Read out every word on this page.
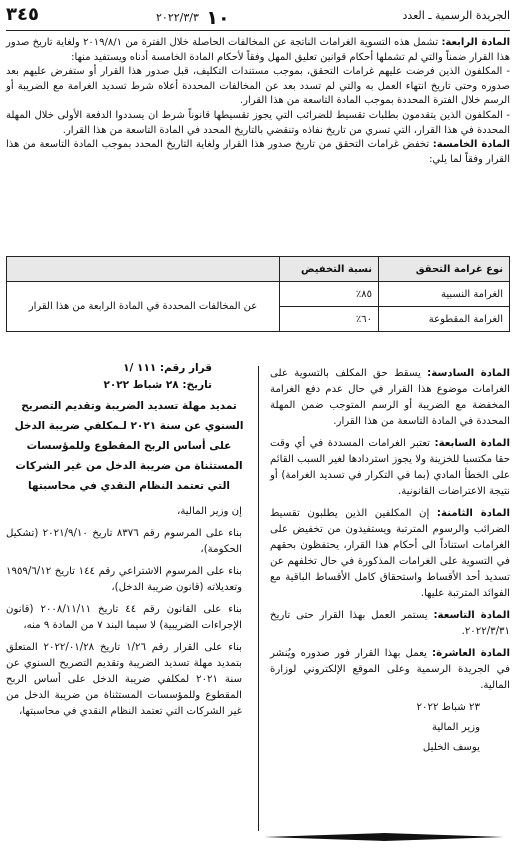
الجريدة الرسمية ـ العدد
١٠ ٢٠٢٢/٣/٣
٣٤٥

المادة الرابعة: تشمل هذه التسوية الغرامات الناتجة عن المخالفات الحاصلة خلال الفترة من ٢٠١٩/٨/١ ولغاية تاريخ صدور هذا القرار ضمناً والتي لم تشملها أحكام قوانين تعليق المهل وفقاً لأحكام المادة الخامسة أدناه ويستفيد منها:

- المكلفون الذين فرضت عليهم غرامات التحقق، بموجب مستندات التكليف، قبل صدور هذا القرار أو ستفرض عليهم بعد صدوره وحتى تاريخ انتهاء العمل به والتي لم تسدد بعد عن المخالفات المحددة أعلاه شرط تسديد الغرامة مع الضريبة أو الرسم خلال الفترة المحددة بموجب المادة التاسعة من هذا القرار.

- المكلفون الذين يتقدمون بطلبات تقسيط للضرائب التي يجوز تقسيطها قانوناً شرط ان يسددوا الدفعة الأولى خلال المهلة المحددة في هذا القرار، التي تسري من تاريخ نفاذه وتنقضي بالتاريخ المحدد في المادة التاسعة من هذا القرار.

المادة الخامسة: تخفض غرامات التحقق من تاريخ صدور هذا القرار ولغاية التاريخ المحدد بموجب المادة التاسعة من هذا القرار وفقاً لما يلي:

نوع غرامة التحقق	نسبة التخفيض	
الغرامة النسبية	٨٥٪	عن المخالفات المحددة في المادة الرابعة من هذا القرار
الغرامة المقطوعة	٦٠٪	

المادة السادسة: يسقط حق المكلف بالتسوية على الغرامات موضوع هذا القرار في حال عدم دفع الغرامة المخفضة مع الضريبة أو الرسم المتوجب ضمن المهلة المحددة في المادة التاسعة من هذا القرار.

المادة السابعة: تعتبر الغرامات المسددة في أي وقت حقا مكتسبا للخزينة ولا يجوز استردادها لغير السبب القائم على الخطأ المادي (بما في التكرار في تسديد الغرامة) أو نتيجة الاعتراضات القانونية.

المادة الثامنة: إن المكلفين الذين يطلبون تقسيط الضرائب والرسوم المترتبة ويستفيدون من تخفيض على الغرامات استناداً الى أحكام هذا القرار، يحتفظون بحقهم في التسوية على الغرامات المذكورة في حال تخلفهم عن تسديد أحد الأقساط واستحقاق كامل الأقساط الباقية مع الفوائد المترتبة عليها.

المادة التاسعة: يستمر العمل بهذا القرار حتى تاريخ ٢٠٢٢/٣/٣١.

المادة العاشرة: يعمل بهذا القرار فور صدوره ويُنشر في الجريدة الرسمية وعلى الموقع الإلكتروني لوزارة المالية.

٢٣ شباط ٢٠٢٢

وزير المالية

يوسف الخليل

قرار رقم: ١١١ /١

تاريخ: ٢٨ شباط ٢٠٢٢

تمديد مهلة تسديد الضريبة وتقديم التصريح السنوي عن سنة ٢٠٢١ لـمكلفي ضريبة الدخل على أساس الربح المقطوع وللمؤسسات المستثناة من ضريبة الدخل من غير الشركات التي تعتمد النظام النقدي في محاسبتها

إن وزير المالية،

بناء على المرسوم رقم ٨٣٧٦ تاريخ ٢٠٢١/٩/١٠ (تشكيل الحكومة)،

بناء على المرسوم الاشتراعي رقم ١٤٤ تاريخ ١٩٥٩/٦/١٢ وتعديلاته (قانون ضريبة الدخل)،

بناء على القانون رقم ٤٤ تاريخ ٢٠٠٨/١١/١١ (قانون الإجراءات الضريبية) لا سيما البند ٧ من المادة ٩ منه،

بناء على القرار رقم ١/٢٦ تاريخ ٢٠٢٢/٠١/٢٨ المتعلق بتمديد مهلة تسديد الضريبة وتقديم التصريح السنوي عن سنة ٢٠٢١ لمكلفي ضريبة الدخل على أساس الربح المقطوع وللمؤسسات المستثناة من ضريبة الدخل من غير الشركات التي تعتمد النظام النقدي في محاسبتها،
